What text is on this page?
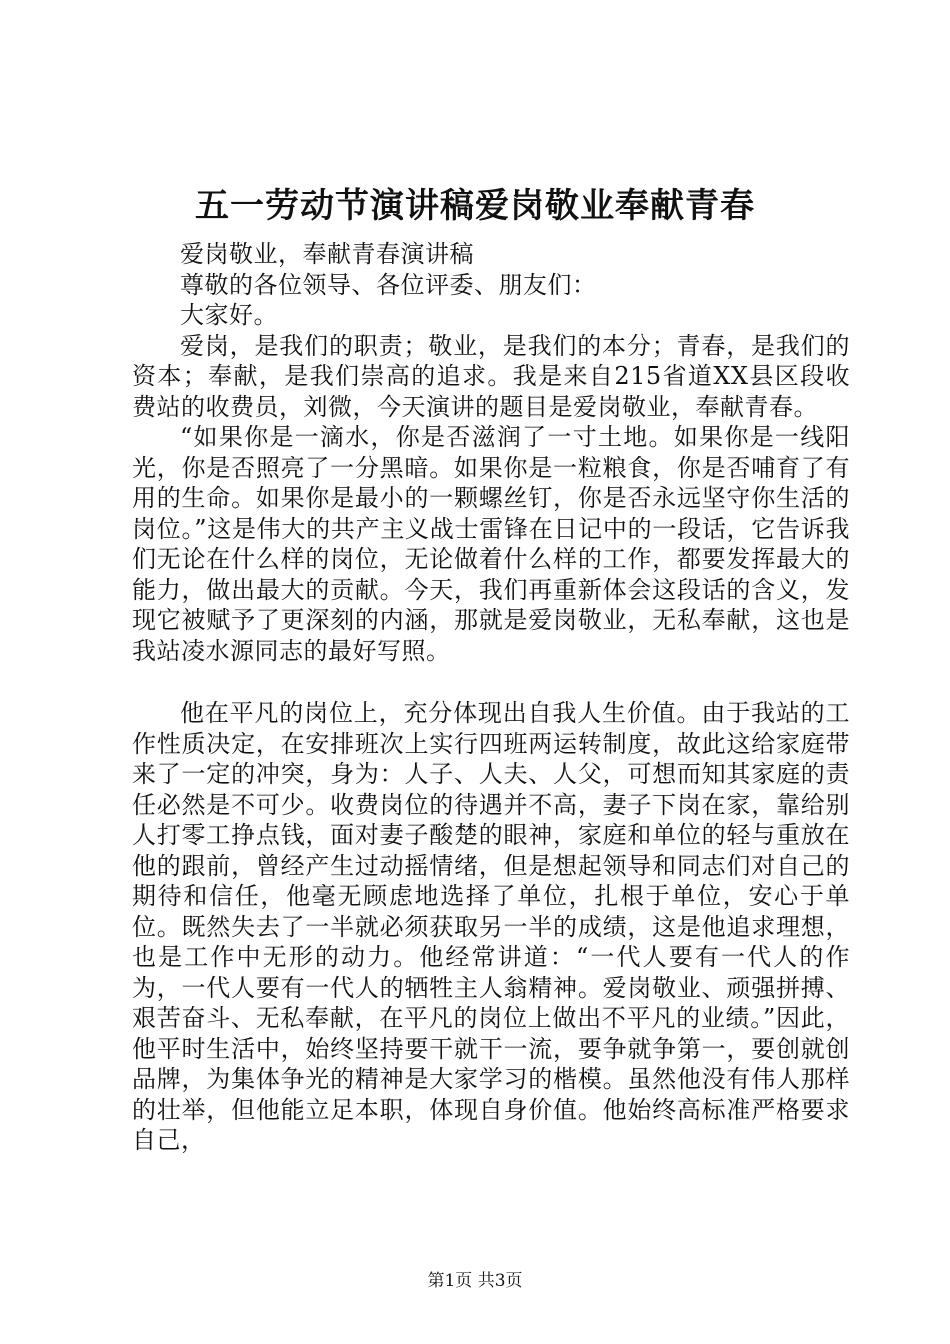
五一劳动节演讲稿爱岗敬业奉献青春

爱岗敬业，奉献青春演讲稿

尊敬的各位领导、各位评委、朋友们：

大家好。

爱岗，是我们的职责；敬业，是我们的本分；青春，是我们的资本；奉献，是我们崇高的追求。我是来自215省道XX县区段收费站的收费员，刘微，今天演讲的题目是爱岗敬业，奉献青春。

“如果你是一滴水，你是否滋润了一寸土地。如果你是一线阳光，你是否照亮了一分黑暗。如果你是一粒粮食，你是否哺育了有用的生命。如果你是最小的一颗螺丝钉，你是否永远坚守你生活的岗位。”这是伟大的共产主义战士雷锋在日记中的一段话，它告诉我们无论在什么样的岗位，无论做着什么样的工作，都要发挥最大的能力，做出最大的贡献。今天，我们再重新体会这段话的含义，发现它被赋予了更深刻的内涵，那就是爱岗敬业，无私奉献，这也是我站凌水源同志的最好写照。

他在平凡的岗位上，充分体现出自我人生价值。由于我站的工作性质决定，在安排班次上实行四班两运转制度，故此这给家庭带来了一定的冲突，身为：人子、人夫、人父，可想而知其家庭的责任必然是不可少。收费岗位的待遇并不高，妻子下岗在家，靠给别人打零工挣点钱，面对妻子酸楚的眼神，家庭和单位的轻与重放在他的跟前，曾经产生过动摇情绪，但是想起领导和同志们对自己的期待和信任，他毫无顾虑地选择了单位，扎根于单位，安心于单位。既然失去了一半就必须获取另一半的成绩，这是他追求理想，也是工作中无形的动力。他经常讲道：“一代人要有一代人的作为，一代人要有一代人的牺牲主人翁精神。爱岗敬业、顽强拼搏、艰苦奋斗、无私奉献，在平凡的岗位上做出不平凡的业绩。”因此，他平时生活中，始终坚持要干就干一流，要争就争第一，要创就创品牌，为集体争光的精神是大家学习的楷模。虽然他没有伟人那样的壮举，但他能立足本职，体现自身价值。他始终高标准严格要求自己，

第1页 共3页
